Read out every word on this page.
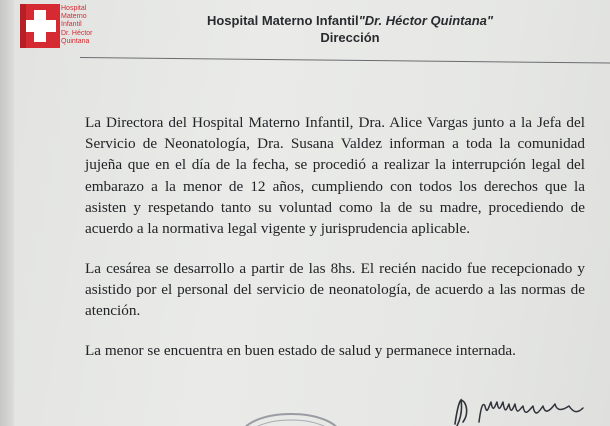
Hospital
Materno
Infantil
Dr. Héctor
Quintana
Hospital Materno Infantil"Dr. Héctor Quintana"
Dirección
La Directora del Hospital Materno Infantil, Dra. Alice Vargas junto a la Jefa del Servicio de Neonatología, Dra. Susana Valdez informan a toda la comunidad jujeña que en el día de la fecha, se procedió a realizar la interrupción legal del embarazo a la menor de 12 años, cumpliendo con todos los derechos que la asisten y respetando tanto su voluntad como la de su madre, procediendo de acuerdo a la normativa legal vigente y jurisprudencia aplicable.
La cesárea se desarrollo a partir de las 8hs. El recién nacido fue recepcionado y asistido por el personal del servicio de neonatología, de acuerdo a las normas de atención.
La menor se encuentra en buen estado de salud y permanece internada.
